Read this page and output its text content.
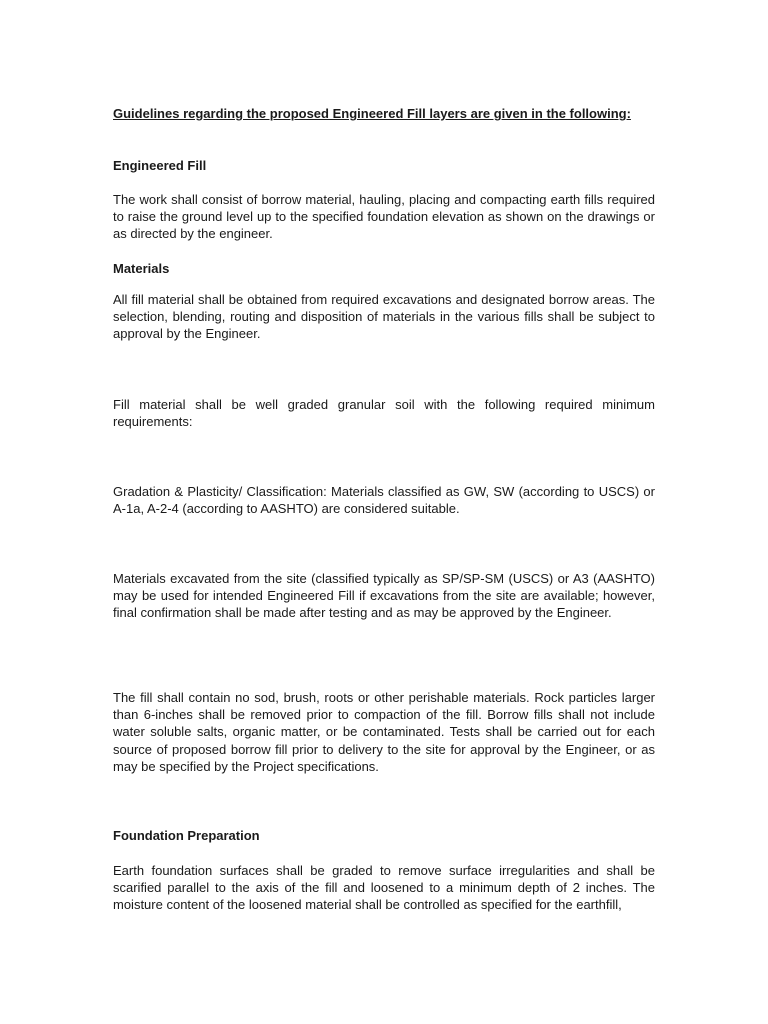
Guidelines regarding the proposed Engineered Fill layers are given in the following:

Engineered Fill

The work shall consist of borrow material, hauling, placing and compacting earth fills required to raise the ground level up to the specified foundation elevation as shown on the drawings or as directed by the engineer.

Materials

All fill material shall be obtained from required excavations and designated borrow areas. The selection, blending, routing and disposition of materials in the various fills shall be subject to approval by the Engineer.

Fill material shall be well graded granular soil with the following required minimum requirements:

Gradation & Plasticity/ Classification: Materials classified as GW, SW (according to USCS) or A-1a, A-2-4 (according to AASHTO) are considered suitable.

Materials excavated from the site (classified typically as SP/SP-SM (USCS) or A3 (AASHTO) may be used for intended Engineered Fill if excavations from the site are available; however, final confirmation shall be made after testing and as may be approved by the Engineer.

The fill shall contain no sod, brush, roots or other perishable materials. Rock particles larger than 6-inches shall be removed prior to compaction of the fill. Borrow fills shall not include water soluble salts, organic matter, or be contaminated. Tests shall be carried out for each source of proposed borrow fill prior to delivery to the site for approval by the Engineer, or as may be specified by the Project specifications.

Foundation Preparation

Earth foundation surfaces shall be graded to remove surface irregularities and shall be scarified parallel to the axis of the fill and loosened to a minimum depth of 2 inches. The moisture content of the loosened material shall be controlled as specified for the earthfill,
